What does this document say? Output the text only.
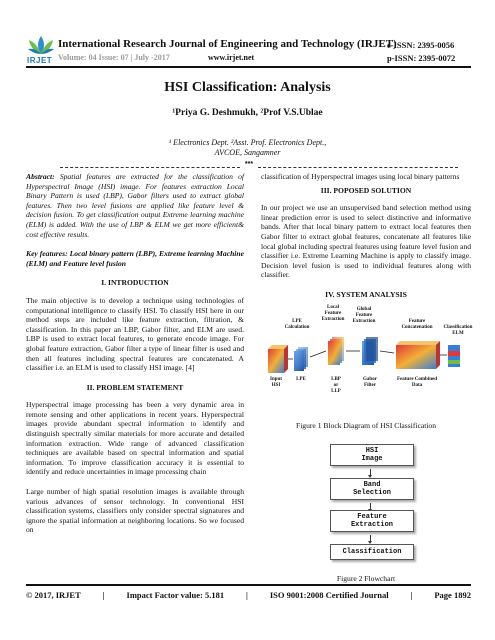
IRJET
International Research Journal of Engineering and Technology (IRJET)
Volume: 04 Issue: 07 | July -2017	www.irjet.net
e-ISSN: 2395-0056
p-ISSN: 2395-0072
HSI Classification: Analysis
¹Priya G. Deshmukh, ²Prof V.S.Ublae
¹ Electronics Dept. ²Asst. Prof. Electronics Dept.,
AVCOE, Sangamner
***

Abstract: Spatial features are extracted for the classification of Hyperspectral Image (HSI) image. For features extraction Local Binary Pattern is used (LBP), Gabor filters used to extract global features. Then two level fusions are applied like feature level & decision fusion. To get classification output Extreme learning machine (ELM) is added. With the use of LBP & ELM we get more efficient& cost effective results.

Key features: Local binary pattern (LBP), Extreme learning Machine (ELM) and Feature level fusion

I. INTRODUCTION

The main objective is to develop a technique using technologies of computational intelligence to classify HSI. To classify HSI here in our method steps are included like feature extraction, filtration, & classification. In this paper an LBP, Gabor filter, and ELM are used. LBP is used to extract local features, to generate encode image. For global feature extraction, Gabor filter a type of linear filter is used and then all features including spectral features are concatenated. A classifier i.e. an ELM is used to classify HSI image. [4]

II. PROBLEM STATEMENT

Hyperspectral image processing has been a very dynamic area in remote sensing and other applications in recent years. Hyperspectral images provide abundant spectral information to identify and distinguish spectrally similar materials for more accurate and detailed information extraction. Wide range of advanced classification techniques are available based on spectral information and spatial information. To improve classification accuracy it is essential to identify and reduce uncertainties in image processing chain

Large number of high spatial resolution images is available through various advances of sensor technology. In conventional HSI classification systems, classifiers only consider spectral signatures and ignore the spatial information at neighboring locations. So we focused on

classification of Hyperspectral images using local binary patterns

III. POPOSED SOLUTION

In our project we use an unsupervised band selection method using linear prediction error is used to select distinctive and informative bands. After that local binary pattern to extract local features then Gabor filter to extract global features, concatenate all features like local global including spectral features using feature level fusion and classifier i.e. Extreme Learning Machine is apply to classify image. Decision level fusion is used to individual features along with classifier.

IV. SYSTEM ANALYSIS

Input
HSI
LPE
Calculation
LPE
Local
Feature
Extraction
LBP
or
LLP
Global
Feature
Extraction
Gabor
Filter
Feature
Concatenation
Feature Combined Data
Classification
ELM
Figure 1 Block Diagram of HSI Classification
HSI
Image
Band
Selection
Feature
Extraction
Classification
Figure 2 Flowchart
© 2017, IRJET	|	Impact Factor value: 5.181	|	ISO 9001:2008 Certified Journal	|	Page 1892
